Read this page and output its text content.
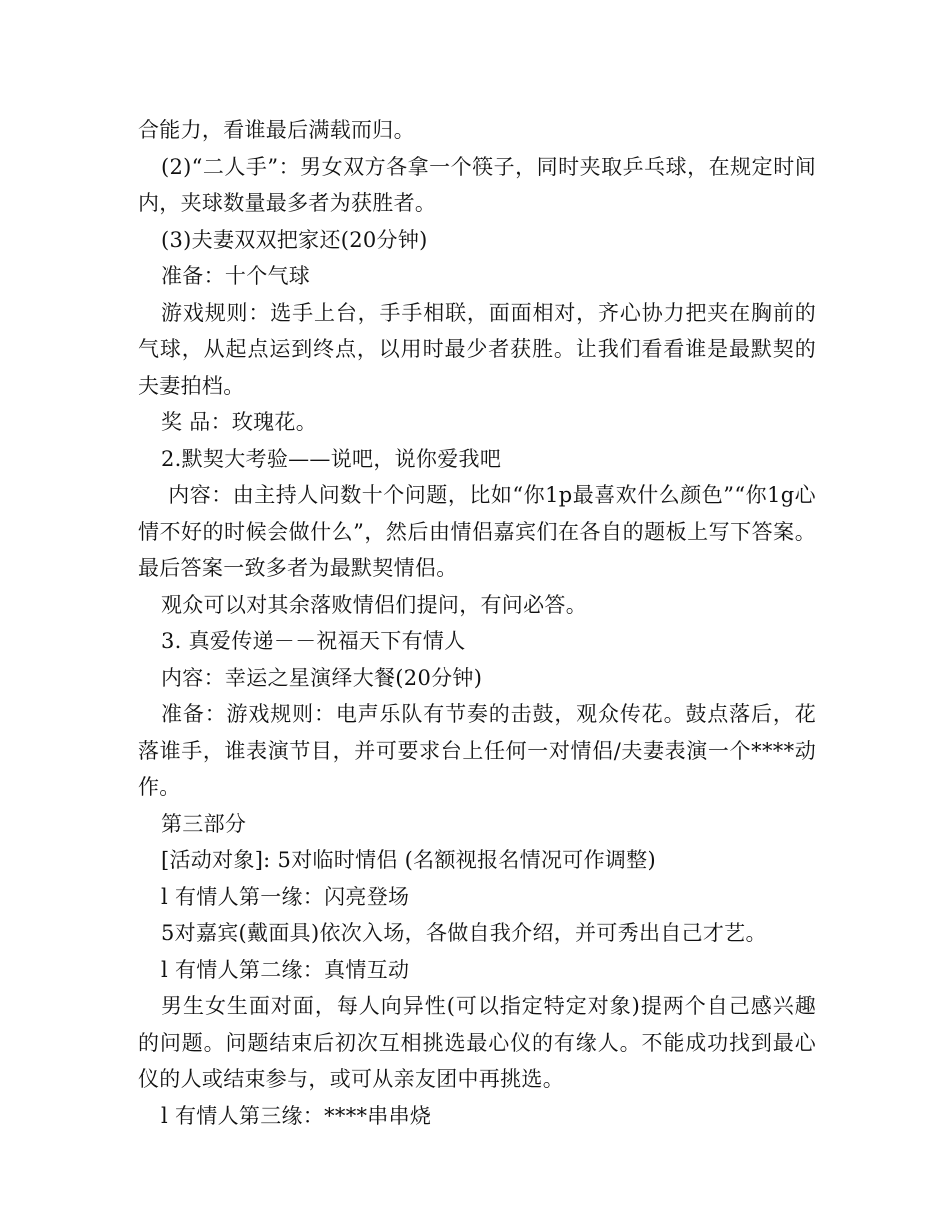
合能力，看谁最后满载而归。

(2)“二人手”：男女双方各拿一个筷子，同时夹取乒乓球，在规定时间内，夹球数量最多者为获胜者。

(3)夫妻双双把家还(20分钟)

准备：十个气球

游戏规则：选手上台，手手相联，面面相对，齐心协力把夹在胸前的气球，从起点运到终点，以用时最少者获胜。让我们看看谁是最默契的夫妻拍档。

奖 品：玫瑰花。

2.默契大考验——说吧，说你爱我吧

内容：由主持人问数十个问题，比如“你1p最喜欢什么颜色”“你1g心情不好的时候会做什么”，然后由情侣嘉宾们在各自的题板上写下答案。最后答案一致多者为最默契情侣。

观众可以对其余落败情侣们提问，有问必答。

3. 真爱传递－－祝福天下有情人

内容：幸运之星演绎大餐(20分钟)

准备：游戏规则：电声乐队有节奏的击鼓，观众传花。鼓点落后，花落谁手，谁表演节目，并可要求台上任何一对情侣/夫妻表演一个****动作。

第三部分

[活动对象]: 5对临时情侣 (名额视报名情况可作调整)

l 有情人第一缘：闪亮登场

5对嘉宾(戴面具)依次入场，各做自我介绍，并可秀出自己才艺。

l 有情人第二缘：真情互动

男生女生面对面，每人向异性(可以指定特定对象)提两个自己感兴趣的问题。问题结束后初次互相挑选最心仪的有缘人。不能成功找到最心仪的人或结束参与，或可从亲友团中再挑选。

l 有情人第三缘：****串串烧
